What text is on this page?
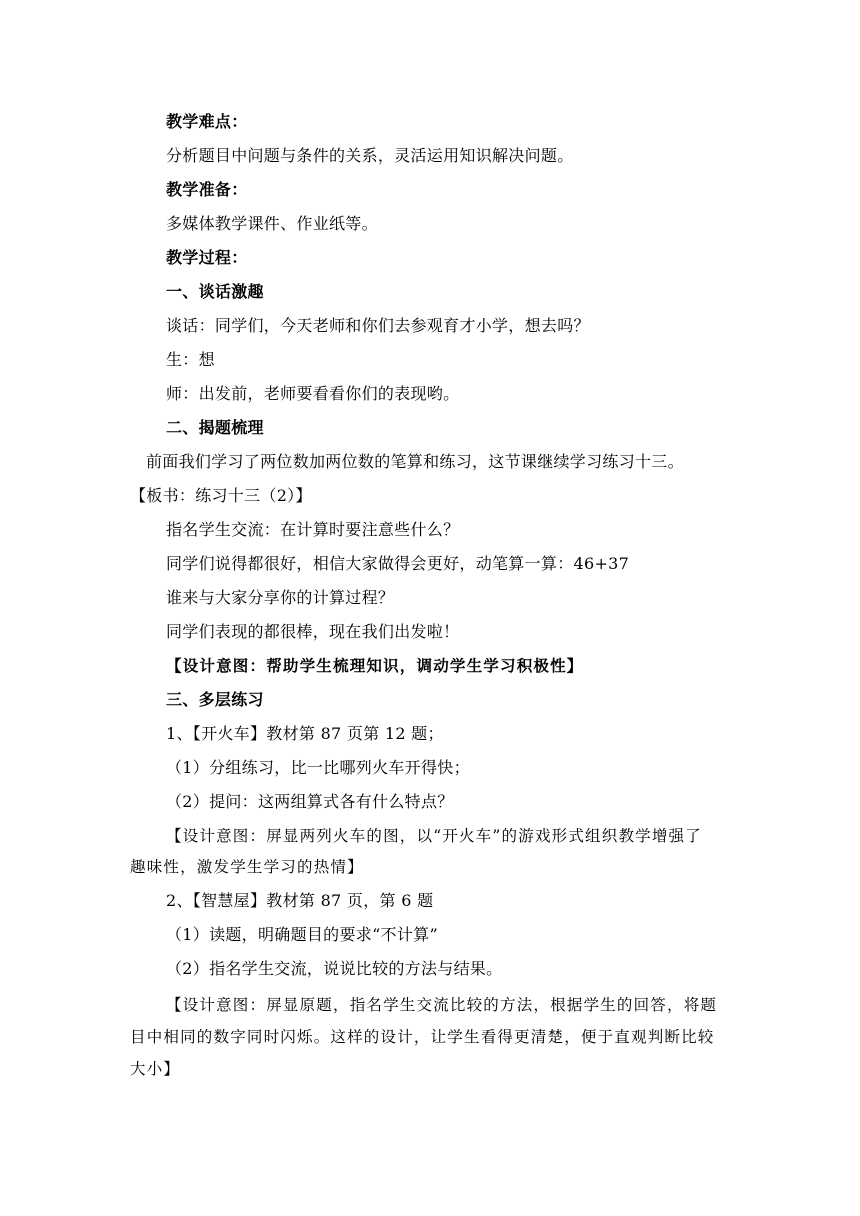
教学难点：
分析题目中问题与条件的关系，灵活运用知识解决问题。
教学准备：
多媒体教学课件、作业纸等。
教学过程：
一、谈话激趣
谈话：同学们，今天老师和你们去参观育才小学，想去吗？
生：想
师：出发前，老师要看看你们的表现哟。
二、揭题梳理
前面我们学习了两位数加两位数的笔算和练习，这节课继续学习练习十三。
【板书：练习十三（2）】
指名学生交流：在计算时要注意些什么？
同学们说得都很好，相信大家做得会更好，动笔算一算：46+37
谁来与大家分享你的计算过程？
同学们表现的都很棒，现在我们出发啦！
【设计意图：帮助学生梳理知识，调动学生学习积极性】
三、多层练习
1、【开火车】教材第 87 页第 12 题；
（1）分组练习，比一比哪列火车开得快；
（2）提问：这两组算式各有什么特点？
【设计意图：屏显两列火车的图，以“开火车”的游戏形式组织教学增强了
趣味性，激发学生学习的热情】
2、【智慧屋】教材第 87 页，第 6 题
（1）读题，明确题目的要求“不计算”
（2）指名学生交流，说说比较的方法与结果。
【设计意图：屏显原题，指名学生交流比较的方法，根据学生的回答，将题
目中相同的数字同时闪烁。这样的设计，让学生看得更清楚，便于直观判断比较
大小】
